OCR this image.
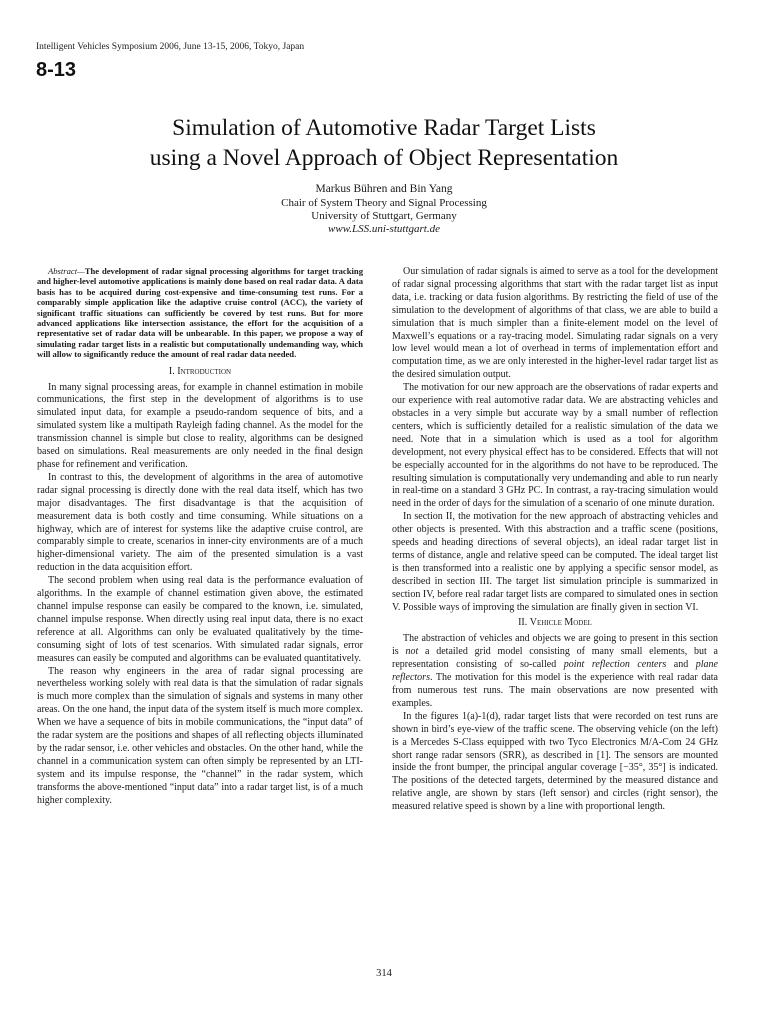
Intelligent Vehicles Symposium 2006, June 13-15, 2006, Tokyo, Japan
8-13
Simulation of Automotive Radar Target Lists
using a Novel Approach of Object Representation
Markus Bühren and Bin Yang
Chair of System Theory and Signal Processing
University of Stuttgart, Germany
www.LSS.uni-stuttgart.de

Abstract—The development of radar signal processing algorithms for target tracking and higher-level automotive applications is mainly done based on real radar data. A data basis has to be acquired during cost-expensive and time-consuming test runs. For a comparably simple application like the adaptive cruise control (ACC), the variety of significant traffic situations can sufficiently be covered by test runs. But for more advanced applications like intersection assistance, the effort for the acquisition of a representative set of radar data will be unbearable. In this paper, we propose a way of simulating radar target lists in a realistic but computationally undemanding way, which will allow to significantly reduce the amount of real radar data needed.

I. Introduction

In many signal processing areas, for example in channel estimation in mobile communications, the first step in the development of algorithms is to use simulated input data, for example a pseudo-random sequence of bits, and a simulated system like a multipath Rayleigh fading channel. As the model for the transmission channel is simple but close to reality, algorithms can be designed based on simulations. Real measurements are only needed in the final design phase for refinement and verification.

In contrast to this, the development of algorithms in the area of automotive radar signal processing is directly done with the real data itself, which has two major disadvantages. The first disadvantage is that the acquisition of measurement data is both costly and time consuming. While situations on a highway, which are of interest for systems like the adaptive cruise control, are comparably simple to create, scenarios in inner-city environments are of a much higher-dimensional variety. The aim of the presented simulation is a vast reduction in the data acquisition effort.

The second problem when using real data is the performance evaluation of algorithms. In the example of channel estimation given above, the estimated channel impulse response can easily be compared to the known, i.e. simulated, channel impulse response. When directly using real input data, there is no exact reference at all. Algorithms can only be evaluated qualitatively by the time-consuming sight of lots of test scenarios. With simulated radar signals, error measures can easily be computed and algorithms can be evaluated quantitatively.

The reason why engineers in the area of radar signal processing are nevertheless working solely with real data is that the simulation of radar signals is much more complex than the simulation of signals and systems in many other areas. On the one hand, the input data of the system itself is much more complex. When we have a sequence of bits in mobile communications, the “input data” of the radar system are the positions and shapes of all reflecting objects illuminated by the radar sensor, i.e. other vehicles and obstacles. On the other hand, while the channel in a communication system can often simply be represented by an LTI-system and its impulse response, the “channel” in the radar system, which transforms the above-mentioned “input data” into a radar target list, is of a much higher complexity.

Our simulation of radar signals is aimed to serve as a tool for the development of radar signal processing algorithms that start with the radar target list as input data, i.e. tracking or data fusion algorithms. By restricting the field of use of the simulation to the development of algorithms of that class, we are able to build a simulation that is much simpler than a finite-element model on the level of Maxwell’s equations or a ray-tracing model. Simulating radar signals on a very low level would mean a lot of overhead in terms of implementation effort and computation time, as we are only interested in the higher-level radar target list as the desired simulation output.

The motivation for our new approach are the observations of radar experts and our experience with real automotive radar data. We are abstracting vehicles and obstacles in a very simple but accurate way by a small number of reflection centers, which is sufficiently detailed for a realistic simulation of the data we need. Note that in a simulation which is used as a tool for algorithm development, not every physical effect has to be considered. Effects that will not be especially accounted for in the algorithms do not have to be reproduced. The resulting simulation is computationally very undemanding and able to run nearly in real-time on a standard 3 GHz PC. In contrast, a ray-tracing simulation would need in the order of days for the simulation of a scenario of one minute duration.

In section II, the motivation for the new approach of abstracting vehicles and other objects is presented. With this abstraction and a traffic scene (positions, speeds and heading directions of several objects), an ideal radar target list in terms of distance, angle and relative speed can be computed. The ideal target list is then transformed into a realistic one by applying a specific sensor model, as described in section III. The target list simulation principle is summarized in section IV, before real radar target lists are compared to simulated ones in section V. Possible ways of improving the simulation are finally given in section VI.

II. Vehicle Model

The abstraction of vehicles and objects we are going to present in this section is not a detailed grid model consisting of many small elements, but a representation consisting of so-called point reflection centers and plane reflectors. The motivation for this model is the experience with real radar data from numerous test runs. The main observations are now presented with examples.

In the figures 1(a)-1(d), radar target lists that were recorded on test runs are shown in bird’s eye-view of the traffic scene. The observing vehicle (on the left) is a Mercedes S-Class equipped with two Tyco Electronics M/A-Com 24 GHz short range radar sensors (SRR), as described in [1]. The sensors are mounted inside the front bumper, the principal angular coverage [−35°, 35°] is indicated. The positions of the detected targets, determined by the measured distance and relative angle, are shown by stars (left sensor) and circles (right sensor), the measured relative speed is shown by a line with proportional length.

314
